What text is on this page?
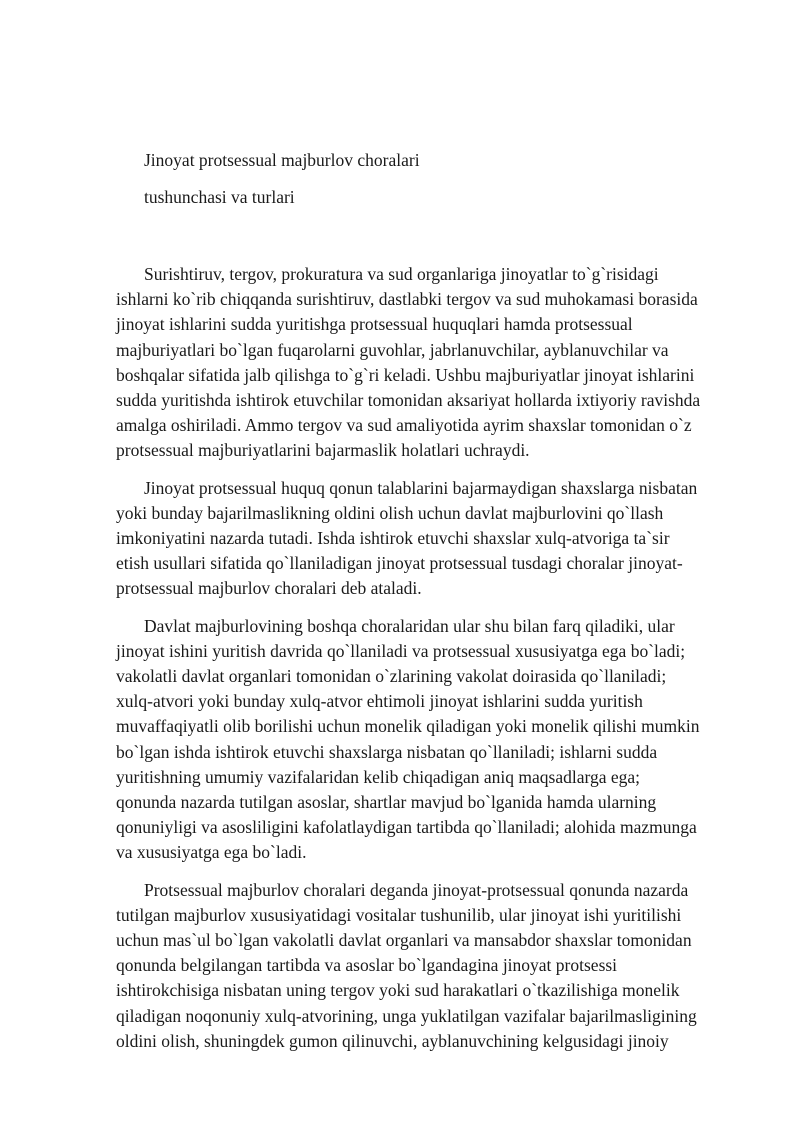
Jinoyat protsessual majburlov choralari
tushunchasi va turlari

Surishtiruv, tergov, prokuratura va sud organlariga jinoyatlar to`g`risidagi
ishlarni ko`rib chiqqanda surishtiruv, dastlabki tergov va sud muhokamasi borasida
jinoyat ishlarini suddа yuritishga protsessual huquqlari hamda protsessual
majburiyatlari bo`lgan fuqarolarni guvohlar, jabrlanuvchilar, ayblanuvchilar va
boshqalar sifatida jalb qilishga to`g`ri keladi. Ushbu majburiyatlar jinoyat ishlarini
sudda yuritishda ishtirok etuvchilar tomonidan aksariyat hollarda ixtiyoriy ravishda
amalga oshiriladi. Ammo tergov va sud amaliyotida ayrim shaxslar tomonidan o`z
protsessual majburiyatlarini bajarmaslik holatlari uchraydi.

Jinoyat protsessual huquq qonun talablarini bajarmaydigan shaxslarga nisbatan
yoki bunday bajarilmaslikning oldini olish uchun davlat majburlovini qo`llash
imkoniyatini nazarda tutadi. Ishda ishtirok etuvchi shaxslar xulq-atvoriga ta`sir
etish usullari sifatida qo`llaniladigan jinoyat protsessual tusdagi choralar jinoyat-
protsessual majburlov choralari deb ataladi.

Davlat majburlovining boshqa choralaridan ular shu bilan farq qiladiki, ular
jinoyat ishini yuritish davrida qo`llaniladi va protsessual xususiyatga ega bo`ladi;
vakolatli davlat organlari tomonidan o`zlarining vakolat doirasida qo`llaniladi;
xulq-atvori yoki bunday xulq-atvor ehtimoli jinoyat ishlarini sudda yuritish
muvaffaqiyatli olib borilishi uchun monelik qiladigan yoki monelik qilishi mumkin
bo`lgan ishda ishtirok etuvchi shaxslarga nisbatan qo`llaniladi; ishlarni sudda
yuritishning umumiy vazifalaridan kelib chiqadigan aniq maqsadlarga ega;
qonunda nazarda tutilgan asoslar, shartlar mavjud bo`lganida hamda ularning
qonuniyligi va asosliligini kafolatlaydigan tartibda qo`llaniladi; alohida mazmunga
va xususiyatga ega bo`ladi.

Protsessual majburlov choralari deganda jinoyat-protsessual qonunda nazarda
tutilgan majburlov xususiyatidagi vositalar tushunilib, ular jinoyat ishi yuritilishi
uchun mas`ul bo`lgan vakolatli davlat organlari va mansabdor shaxslar tomonidan
qonunda belgilangan tartibda va asoslar bo`lgandagina jinoyat protsessi
ishtirokchisiga nisbatan uning tergov yoki sud harakatlari o`tkazilishiga monelik
qiladigan noqonuniy xulq-atvorining, unga yuklatilgan vazifalar bajarilmasligining
oldini olish, shuningdek gumon qilinuvchi, ayblanuvchining kelgusidagi jinoiy
